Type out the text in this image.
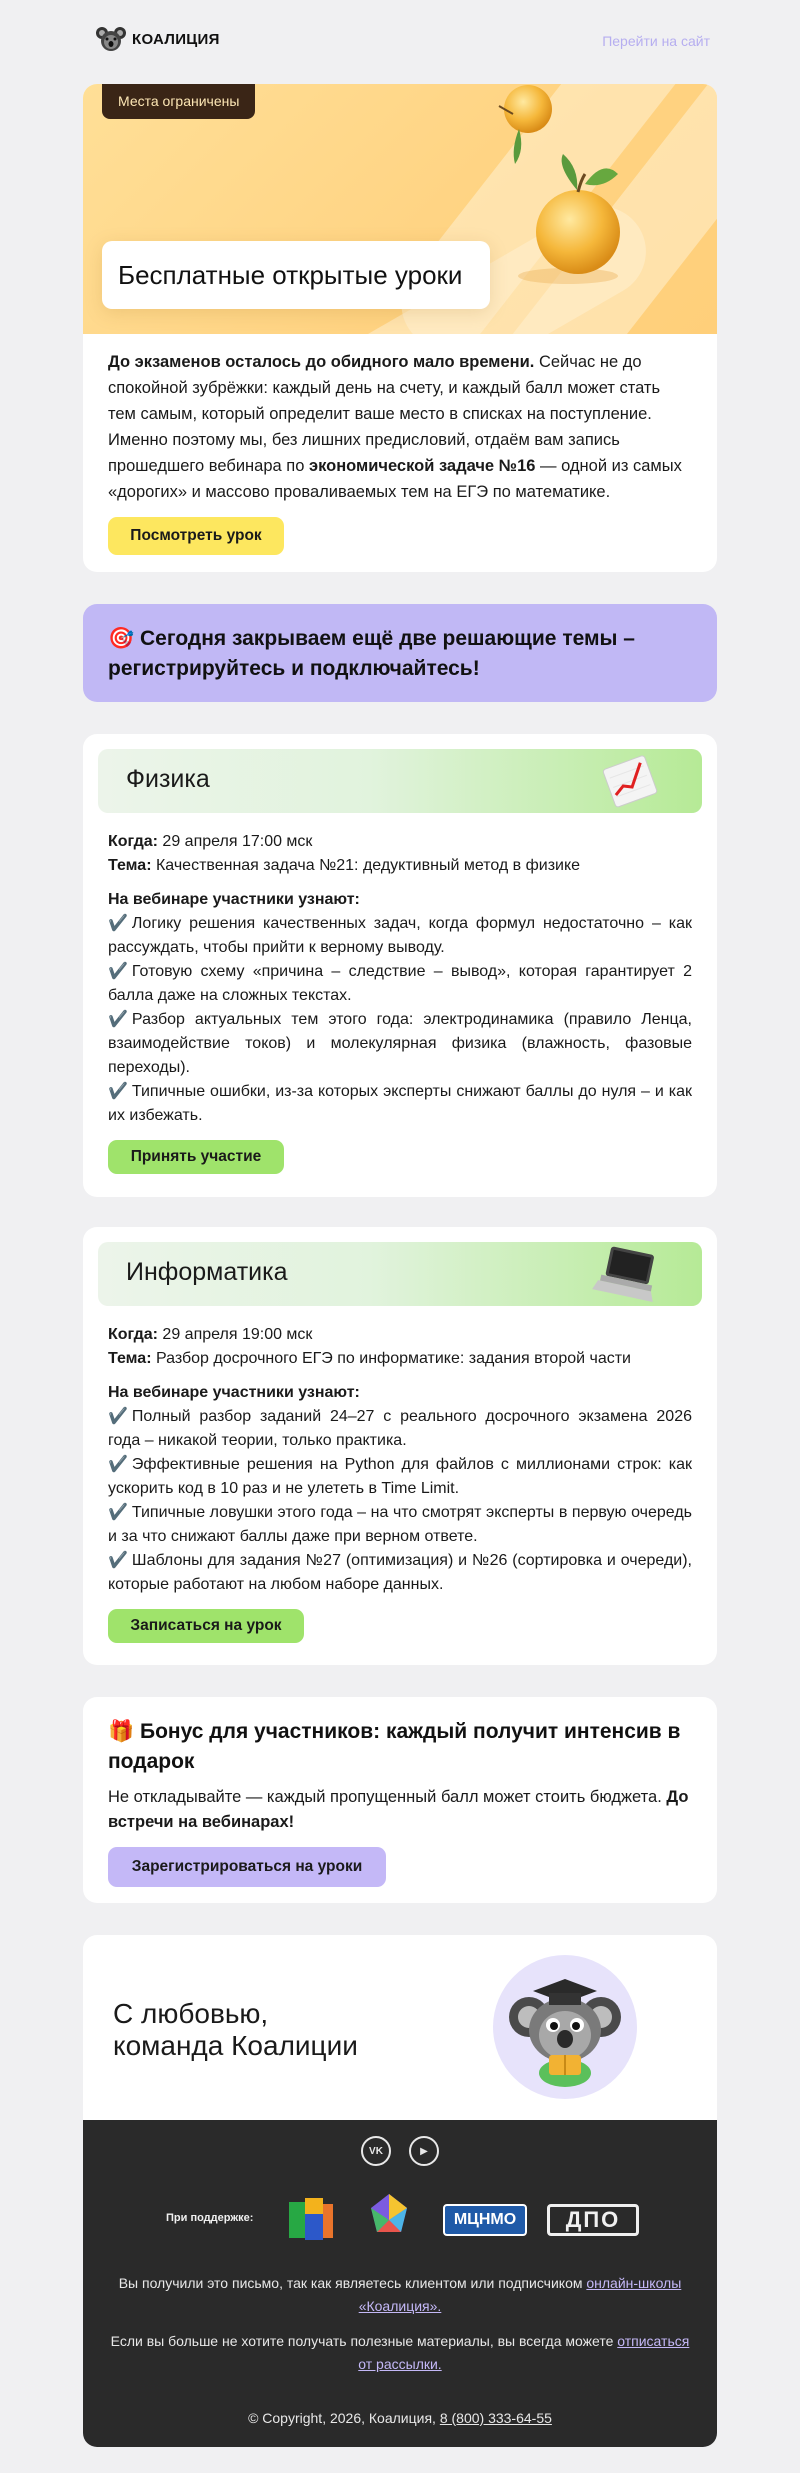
КОАЛИЦИЯ	Перейти на сайт
Места ограничены
Бесплатные открытые уроки
До экзаменов осталось до обидного мало времени. Сейчас не до спокойной зубрёжки: каждый день на счету, и каждый балл может стать тем самым, который определит ваше место в списках на поступление. Именно поэтому мы, без лишних предисловий, отдаём вам запись прошедшего вебинара по экономической задаче №16 — одной из самых «дорогих» и массово проваливаемых тем на ЕГЭ по математике.
Посмотреть урок
🎯 Сегодня закрываем ещё две решающие темы – регистрируйтесь и подключайтесь!
Физика
Когда: 29 апреля 17:00 мск
Тема: Качественная задача №21: дедуктивный метод в физике
На вебинаре участники узнают:
✔️ Логику решения качественных задач, когда формул недостаточно – как рассуждать, чтобы прийти к верному выводу.
✔️ Готовую схему «причина – следствие – вывод», которая гарантирует 2 балла даже на сложных текстах.
✔️ Разбор актуальных тем этого года: электродинамика (правило Ленца, взаимодействие токов) и молекулярная физика (влажность, фазовые переходы).
✔️ Типичные ошибки, из-за которых эксперты снижают баллы до нуля – и как их избежать.
Принять участие
Информатика
Когда: 29 апреля 19:00 мск
Тема: Разбор досрочного ЕГЭ по информатике: задания второй части
На вебинаре участники узнают:
✔️ Полный разбор заданий 24–27 с реального досрочного экзамена 2026 года – никакой теории, только практика.
✔️ Эффективные решения на Python для файлов с миллионами строк: как ускорить код в 10 раз и не улететь в Time Limit.
✔️ Типичные ловушки этого года – на что смотрят эксперты в первую очередь и за что снижают баллы даже при верном ответе.
✔️ Шаблоны для задания №27 (оптимизация) и №26 (сортировка и очереди), которые работают на любом наборе данных.
Записаться на урок
🎁 Бонус для участников: каждый получит интенсив в подарок
Не откладывайте — каждый пропущенный балл может стоить бюджета. До встречи на вебинарах!
Зарегистрироваться на уроки
С любовью,
команда Коалиции
VK	▶
При поддержке:	МЦНМО	ДПО
Вы получили это письмо, так как являетесь клиентом или подписчиком онлайн-школы «Коалиция».
Если вы больше не хотите получать полезные материалы, вы всегда можете отписаться от рассылки.
© Copyright, 2026, Коалиция, 8 (800) 333-64-55
